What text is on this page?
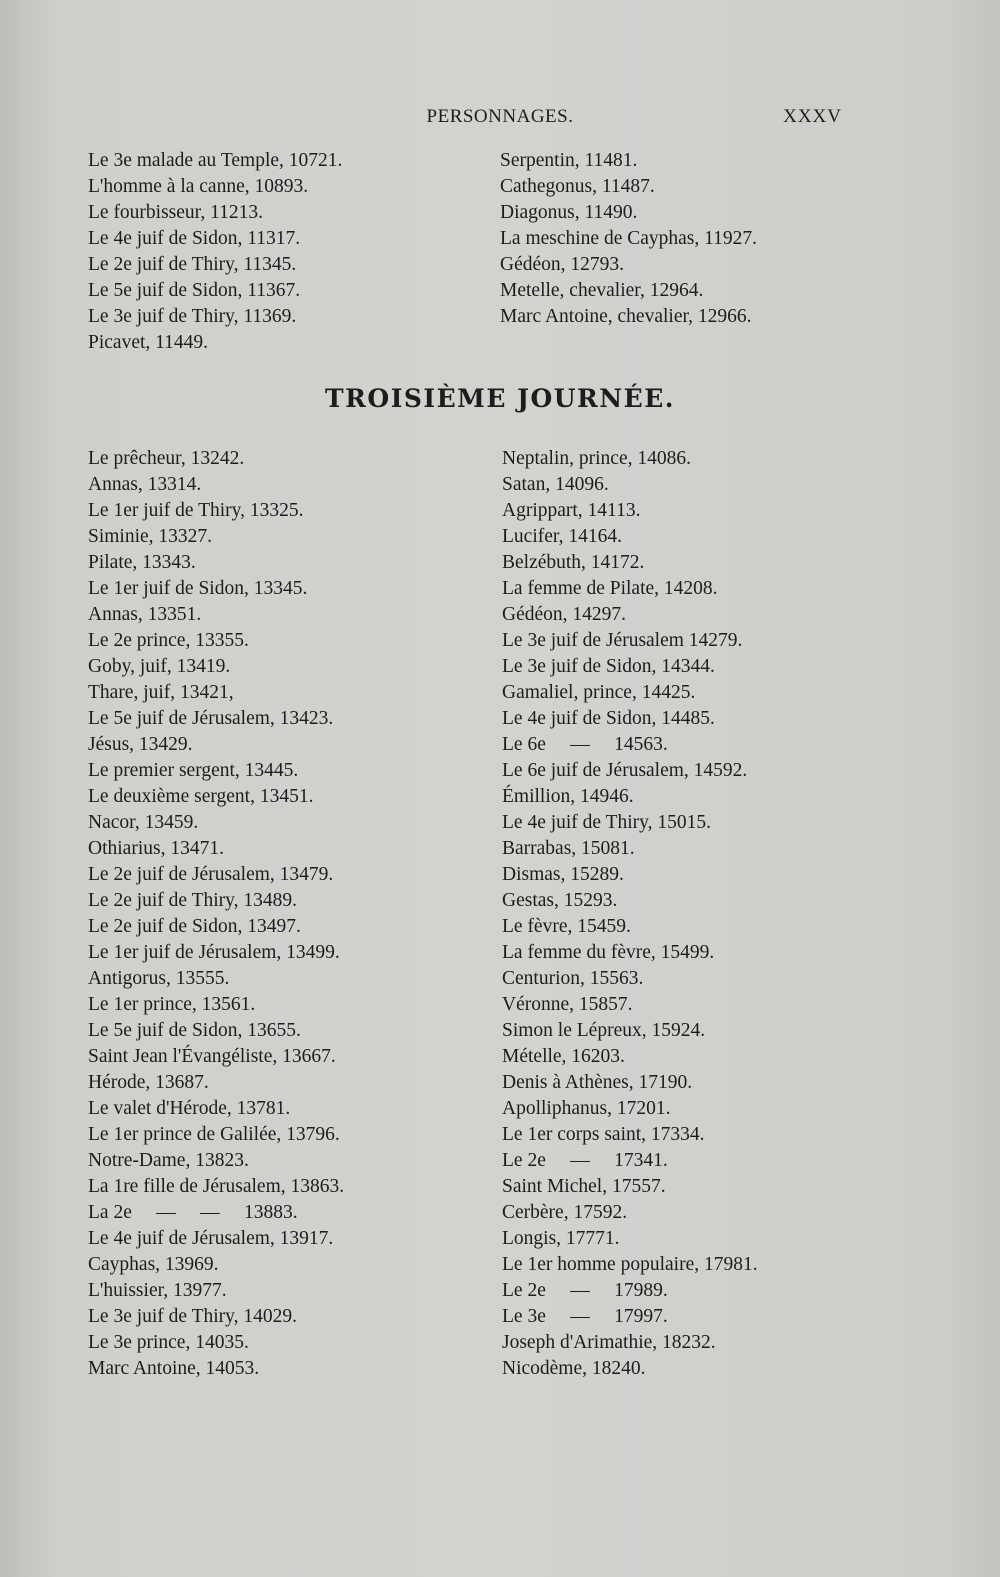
PERSONNAGES.	XXXV
Le 3e malade au Temple, 10721.
L'homme à la canne, 10893.
Le fourbisseur, 11213.
Le 4e juif de Sidon, 11317.
Le 2e juif de Thiry, 11345.
Le 5e juif de Sidon, 11367.
Le 3e juif de Thiry, 11369.
Picavet, 11449.
Serpentin, 11481.
Cathegonus, 11487.
Diagonus, 11490.
La meschine de Cayphas, 11927.
Gédéon, 12793.
Metelle, chevalier, 12964.
Marc Antoine, chevalier, 12966.
TROISIÈME JOURNÉE.
Le prêcheur, 13242.
Annas, 13314.
Le 1er juif de Thiry, 13325.
Siminie, 13327.
Pilate, 13343.
Le 1er juif de Sidon, 13345.
Annas, 13351.
Le 2e prince, 13355.
Goby, juif, 13419.
Thare, juif, 13421,
Le 5e juif de Jérusalem, 13423.
Jésus, 13429.
Le premier sergent, 13445.
Le deuxième sergent, 13451.
Nacor, 13459.
Othiarius, 13471.
Le 2e juif de Jérusalem, 13479.
Le 2e juif de Thiry, 13489.
Le 2e juif de Sidon, 13497.
Le 1er juif de Jérusalem, 13499.
Antigorus, 13555.
Le 1er prince, 13561.
Le 5e juif de Sidon, 13655.
Saint Jean l'Évangéliste, 13667.
Hérode, 13687.
Le valet d'Hérode, 13781.
Le 1er prince de Galilée, 13796.
Notre-Dame, 13823.
La 1re fille de Jérusalem, 13863.
La 2e     —     —     13883.
Le 4e juif de Jérusalem, 13917.
Cayphas, 13969.
L'huissier, 13977.
Le 3e juif de Thiry, 14029.
Le 3e prince, 14035.
Marc Antoine, 14053.
Neptalin, prince, 14086.
Satan, 14096.
Agrippart, 14113.
Lucifer, 14164.
Belzébuth, 14172.
La femme de Pilate, 14208.
Gédéon, 14297.
Le 3e juif de Jérusalem 14279.
Le 3e juif de Sidon, 14344.
Gamaliel, prince, 14425.
Le 4e juif de Sidon, 14485.
Le 6e     —     14563.
Le 6e juif de Jérusalem, 14592.
Émillion, 14946.
Le 4e juif de Thiry, 15015.
Barrabas, 15081.
Dismas, 15289.
Gestas, 15293.
Le fèvre, 15459.
La femme du fèvre, 15499.
Centurion, 15563.
Véronne, 15857.
Simon le Lépreux, 15924.
Mételle, 16203.
Denis à Athènes, 17190.
Apolliphanus, 17201.
Le 1er corps saint, 17334.
Le 2e     —     17341.
Saint Michel, 17557.
Cerbère, 17592.
Longis, 17771.
Le 1er homme populaire, 17981.
Le 2e     —     17989.
Le 3e     —     17997.
Joseph d'Arimathie, 18232.
Nicodème, 18240.
